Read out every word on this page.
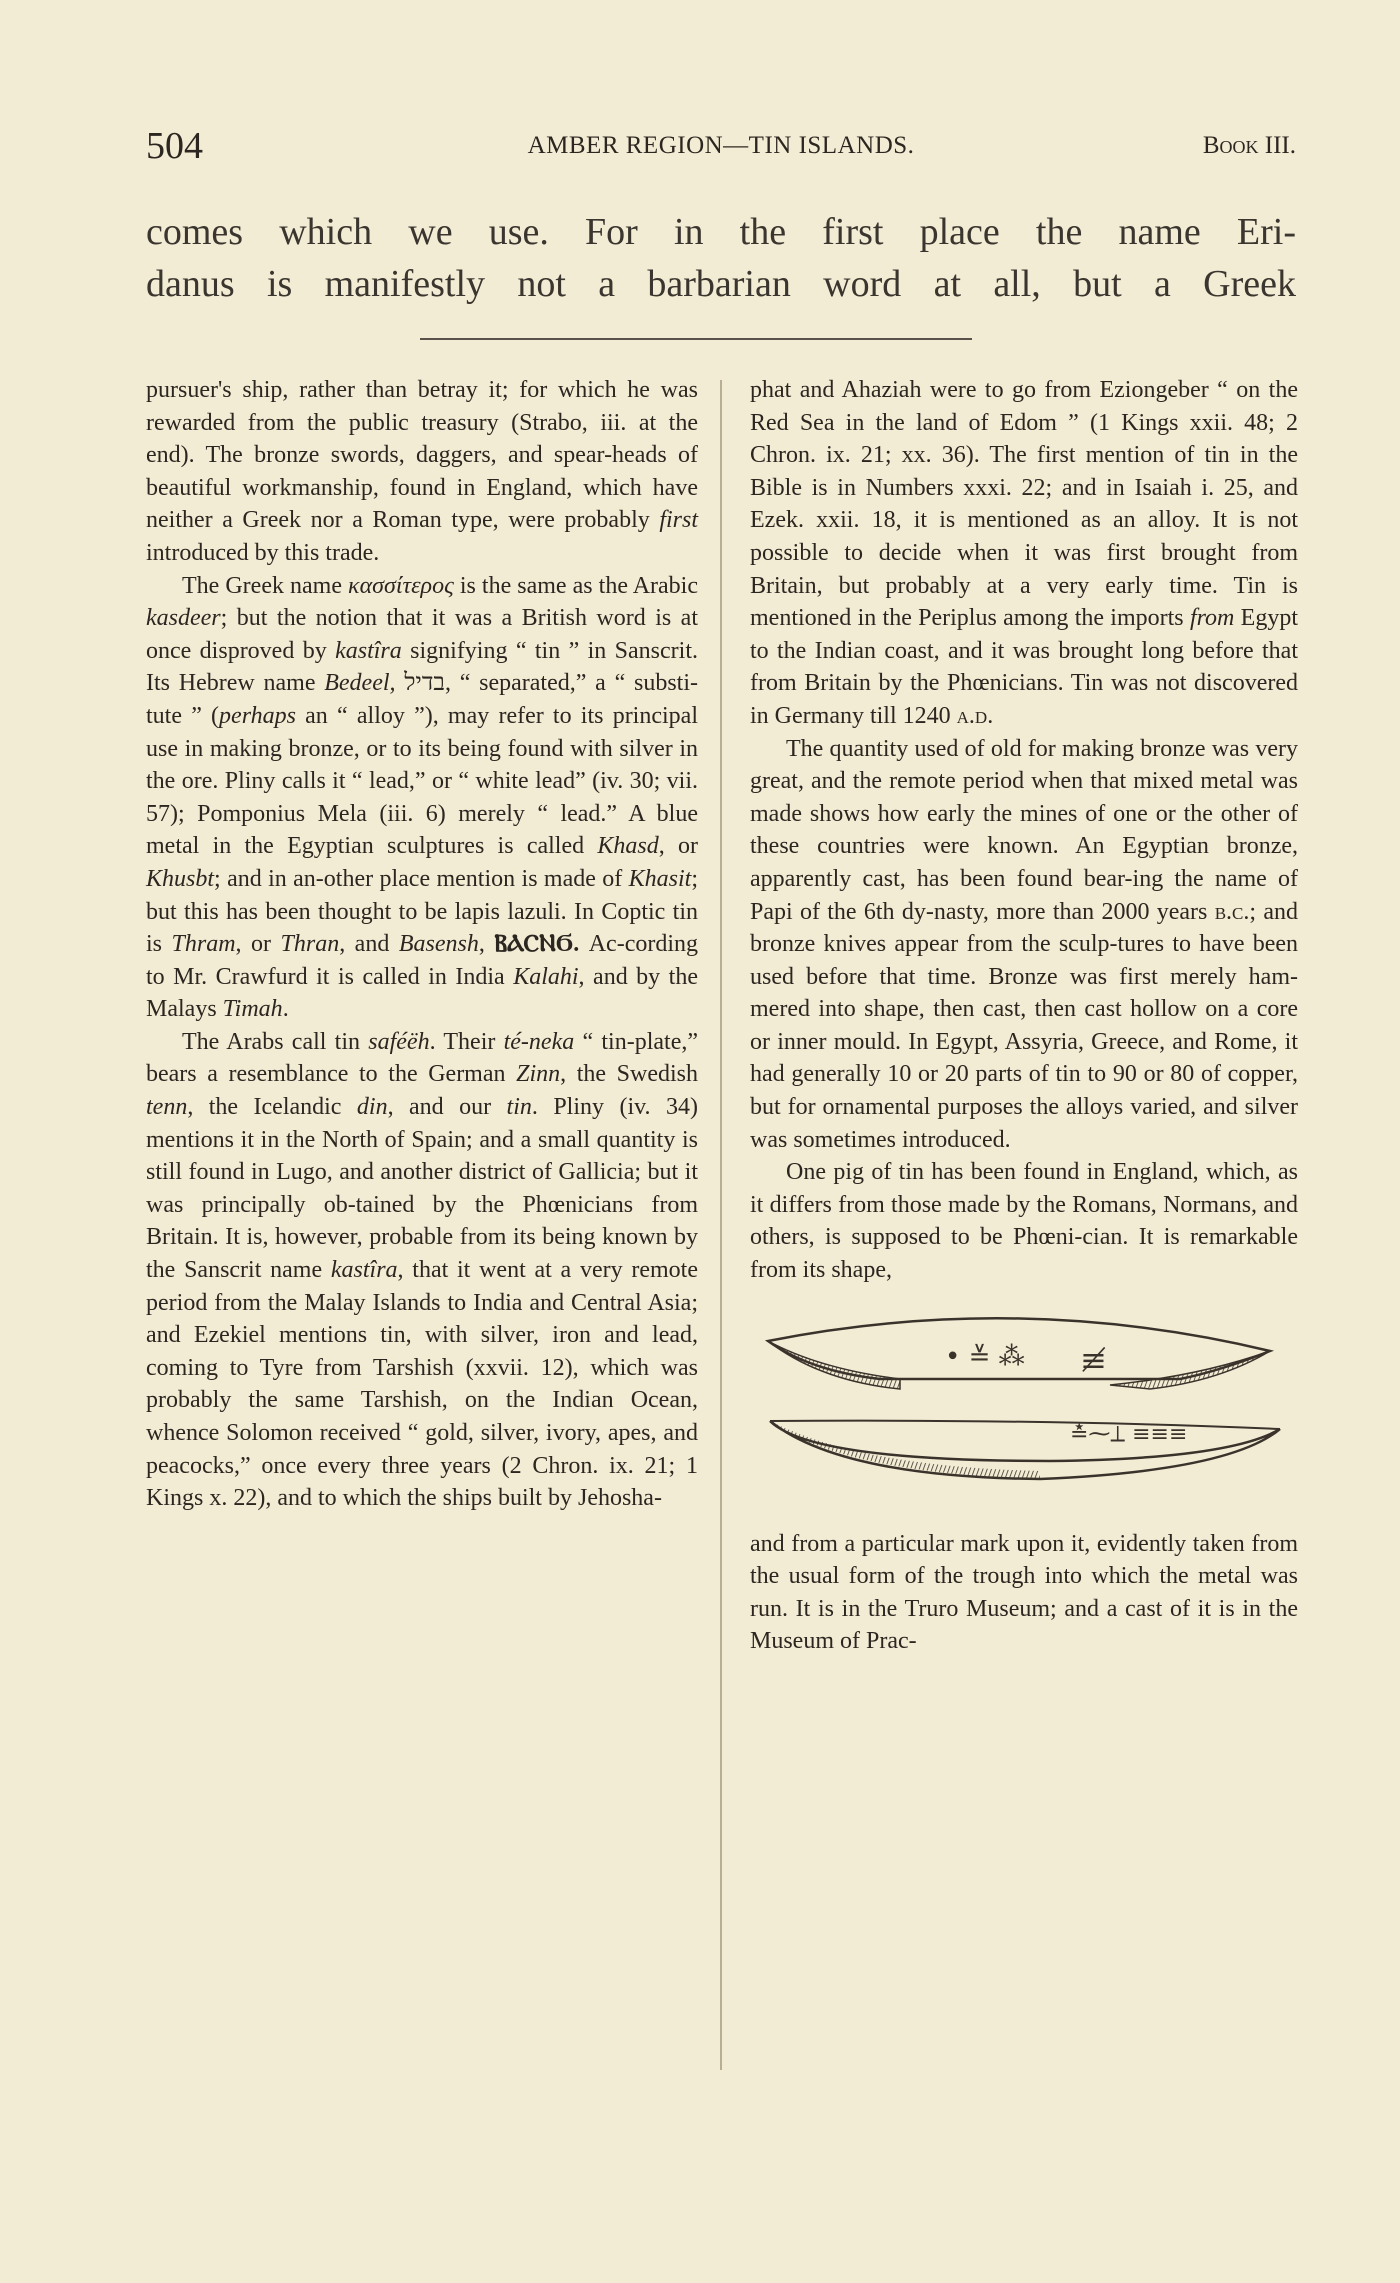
504	AMBER REGION—TIN ISLANDS.	Book III.

comes which we use. For in the first place the name Eri-

danus is manifestly not a barbarian word at all, but a Greek

pursuer's ship, rather than betray it; for which he was rewarded from the public treasury (Strabo, iii. at the end). The bronze swords, daggers, and spear-heads of beautiful workmanship, found in England, which have neither a Greek nor a Roman type, were probably first introduced by this trade.

The Greek name κασσίτερος is the same as the Arabic kasdeer; but the notion that it was a British word is at once disproved by kastîra signifying “ tin ” in Sanscrit. Its Hebrew name Bedeel, בדיל, “ separated,” a “ substi-tute ” (perhaps an “ alloy ”), may refer to its principal use in making bronze, or to its being found with silver in the ore. Pliny calls it “ lead,” or “ white lead” (iv. 30; vii. 57); Pomponius Mela (iii. 6) merely “ lead.” A blue metal in the Egyptian sculptures is called Khasd, or Khusbt; and in an-other place mention is made of Khasit; but this has been thought to be lapis lazuli. In Coptic tin is Thram, or Thran, and Basensh, ⲂⲀⲤⲚϬ. Ac-cording to Mr. Crawfurd it is called in India Kalahi, and by the Malays Timah.

The Arabs call tin saféëh. Their té-neka “ tin-plate,” bears a resemblance to the German Zinn, the Swedish tenn, the Icelandic din, and our tin. Pliny (iv. 34) mentions it in the North of Spain; and a small quantity is still found in Lugo, and another district of Gallicia; but it was principally ob-tained by the Phœnicians from Britain. It is, however, probable from its being known by the Sanscrit name kastîra, that it went at a very remote period from the Malay Islands to India and Central Asia; and Ezekiel mentions tin, with silver, iron and lead, coming to Tyre from Tarshish (xxvii. 12), which was probably the same Tarshish, on the Indian Ocean, whence Solomon received “ gold, silver, ivory, apes, and peacocks,” once every three years (2 Chron. ix. 21; 1 Kings x. 22), and to which the ships built by Jehosha-

phat and Ahaziah were to go from Eziongeber “ on the Red Sea in the land of Edom ” (1 Kings xxii. 48; 2 Chron. ix. 21; xx. 36). The first mention of tin in the Bible is in Numbers xxxi. 22; and in Isaiah i. 25, and Ezek. xxii. 18, it is mentioned as an alloy. It is not possible to decide when it was first brought from Britain, but probably at a very early time. Tin is mentioned in the Periplus among the imports from Egypt to the Indian coast, and it was brought long before that from Britain by the Phœnicians. Tin was not discovered in Germany till 1240 a.d.

The quantity used of old for making bronze was very great, and the remote period when that mixed metal was made shows how early the mines of one or the other of these countries were known. An Egyptian bronze, apparently cast, has been found bear-ing the name of Papi of the 6th dy-nasty, more than 2000 years b.c.; and bronze knives appear from the sculp-tures to have been used before that time. Bronze was first merely ham-mered into shape, then cast, then cast hollow on a core or inner mould. In Egypt, Assyria, Greece, and Rome, it had generally 10 or 20 parts of tin to 90 or 80 of copper, but for ornamental purposes the alloys varied, and silver was sometimes introduced.

One pig of tin has been found in England, which, as it differs from those made by the Romans, Normans, and others, is supposed to be Phœni-cian. It is remarkable from its shape,

• ≚ ⁂ ≢
≛⁓⟂ ≡≡≡

and from a particular mark upon it, evidently taken from the usual form of the trough into which the metal was run. It is in the Truro Museum; and a cast of it is in the Museum of Prac-
